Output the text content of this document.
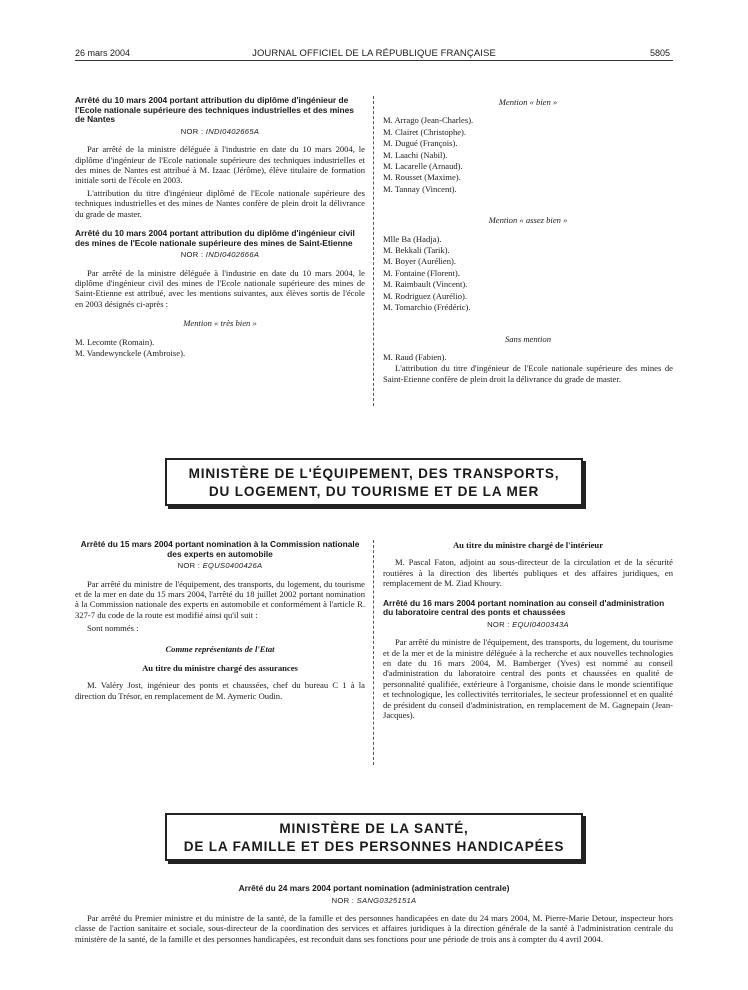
26 mars 2004	JOURNAL OFFICIEL DE LA RÉPUBLIQUE FRANÇAISE	5805
Arrêté du 10 mars 2004 portant attribution du diplôme d'ingénieur de l'Ecole nationale supérieure des techniques industrielles et des mines de Nantes
NOR : INDI0402665A

Par arrêté de la ministre déléguée à l'industrie en date du 10 mars 2004, le diplôme d'ingénieur de l'Ecole nationale supérieure des techniques industrielles et des mines de Nantes est attribué à M. Izaac (Jérôme), élève titulaire de formation initiale sorti de l'école en 2003.

L'attribution du titre d'ingénieur diplômé de l'Ecole nationale supérieure des techniques industrielles et des mines de Nantes confère de plein droit la délivrance du grade de master.

Arrêté du 10 mars 2004 portant attribution du diplôme d'ingénieur civil des mines de l'Ecole nationale supérieure des mines de Saint-Etienne
NOR : INDI0402666A

Par arrêté de la ministre déléguée à l'industrie en date du 10 mars 2004, le diplôme d'ingénieur civil des mines de l'Ecole nationale supérieure des mines de Saint-Etienne est attribué, avec les mentions suivantes, aux élèves sortis de l'école en 2003 désignés ci-après :

Mention « très bien »
M. Lecomte (Romain).
M. Vandewynckele (Ambroise).
Mention « bien »
M. Arrago (Jean-Charles).
M. Clairet (Christophe).
M. Dugué (François).
M. Laachi (Nabil).
M. Lacarelle (Arnaud).
M. Rousset (Maxime).
M. Tannay (Vincent).
Mention « assez bien »
Mlle Ba (Hadja).
M. Bekkali (Tarik).
M. Boyer (Aurélien).
M. Fontaine (Florent).
M. Raimbault (Vincent).
M. Rodriguez (Aurélio).
M. Tomarchio (Frédéric).
Sans mention
M. Raud (Fabien).

L'attribution du titre d'ingénieur de l'Ecole nationale supérieure des mines de Saint-Etienne confère de plein droit la délivrance du grade de master.

MINISTÈRE DE L'ÉQUIPEMENT, DES TRANSPORTS,
DU LOGEMENT, DU TOURISME ET DE LA MER
Arrêté du 15 mars 2004 portant nomination à la Commission nationale des experts en automobile
NOR : EQUS0400426A

Par arrêté du ministre de l'équipement, des transports, du logement, du tourisme et de la mer en date du 15 mars 2004, l'arrêté du 18 juillet 2002 portant nomination à la Commission nationale des experts en automobile et conformément à l'article R. 327-7 du code de la route est modifié ainsi qu'il suit :

Sont nommés :

Comme représentants de l'Etat
Au titre du ministre chargé des assurances

M. Valéry Jost, ingénieur des ponts et chaussées, chef du bureau C 1 à la direction du Trésor, en remplacement de M. Aymeric Oudin.

Au titre du ministre chargé de l'intérieur

M. Pascal Faton, adjoint au sous-directeur de la circulation et de la sécurité routières à la direction des libertés publiques et des affaires juridiques, en remplacement de M. Ziad Khoury.

Arrêté du 16 mars 2004 portant nomination au conseil d'administration du laboratoire central des ponts et chaussées
NOR : EQUI0400343A

Par arrêté du ministre de l'équipement, des transports, du logement, du tourisme et de la mer et de la ministre déléguée à la recherche et aux nouvelles technologies en date du 16 mars 2004, M. Bamberger (Yves) est nommé au conseil d'administration du laboratoire central des ponts et chaussées en qualité de personnalité qualifiée, extérieure à l'organisme, choisie dans le monde scientifique et technologique, les collectivités territoriales, le secteur professionnel et en qualité de président du conseil d'administration, en remplacement de M. Gagnepain (Jean-Jacques).

MINISTÈRE DE LA SANTÉ,
DE LA FAMILLE ET DES PERSONNES HANDICAPÉES
Arrêté du 24 mars 2004 portant nomination (administration centrale)
NOR : SANG0325151A

Par arrêté du Premier ministre et du ministre de la santé, de la famille et des personnes handicapées en date du 24 mars 2004, M. Pierre-Marie Detour, inspecteur hors classe de l'action sanitaire et sociale, sous-directeur de la coordination des services et affaires juridiques à la direction générale de la santé à l'administration centrale du ministère de la santé, de la famille et des personnes handicapées, est reconduit dans ses fonctions pour une période de trois ans à compter du 4 avril 2004.
